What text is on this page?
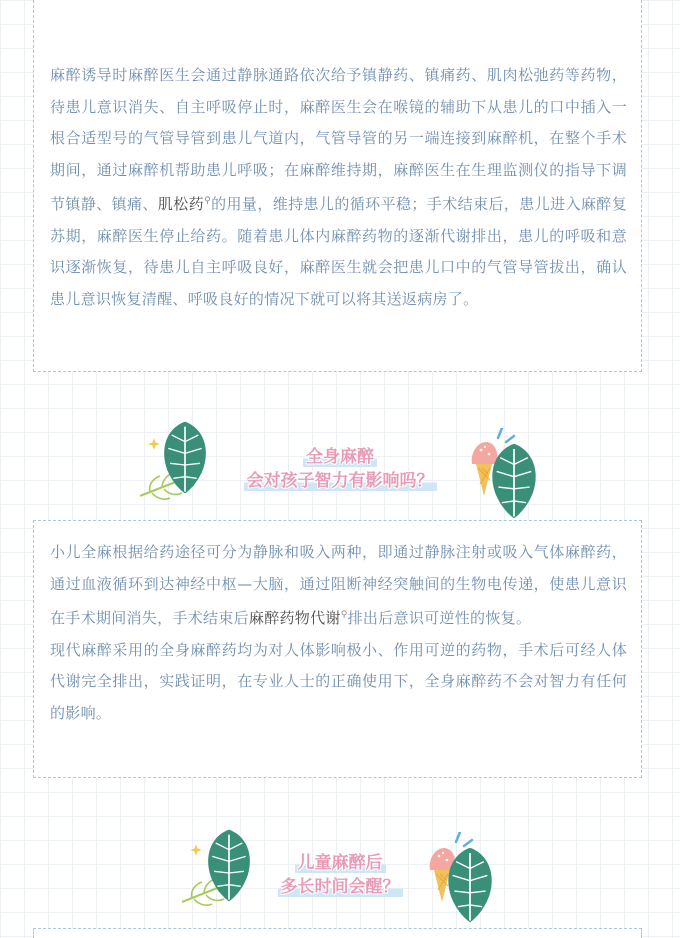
麻醉诱导时麻醉医生会通过静脉通路依次给予镇静药、镇痛药、肌肉松弛药等药物，待患儿意识消失、自主呼吸停止时，麻醉医生会在喉镜的辅助下从患儿的口中插入一根合适型号的气管导管到患儿气道内，气管导管的另一端连接到麻醉机，在整个手术期间，通过麻醉机帮助患儿呼吸；在麻醉维持期，麻醉医生在生理监测仪的指导下调节镇静、镇痛、肌松药⚲的用量，维持患儿的循环平稳；手术结束后，患儿进入麻醉复苏期，麻醉医生停止给药。随着患儿体内麻醉药物的逐渐代谢排出，患儿的呼吸和意识逐渐恢复，待患儿自主呼吸良好，麻醉医生就会把患儿口中的气管导管拔出，确认患儿意识恢复清醒、呼吸良好的情况下就可以将其送返病房了。

全身麻醉
会对孩子智力有影响吗？

小儿全麻根据给药途径可分为静脉和吸入两种，即通过静脉注射或吸入气体麻醉药，通过血液循环到达神经中枢—大脑，通过阻断神经突触间的生物电传递，使患儿意识在手术期间消失，手术结束后麻醉药物代谢⚲排出后意识可逆性的恢复。

现代麻醉采用的全身麻醉药均为对人体影响极小、作用可逆的药物，手术后可经人体代谢完全排出，实践证明，在专业人士的正确使用下，全身麻醉药不会对智力有任何的影响。

儿童麻醉后
多长时间会醒？
